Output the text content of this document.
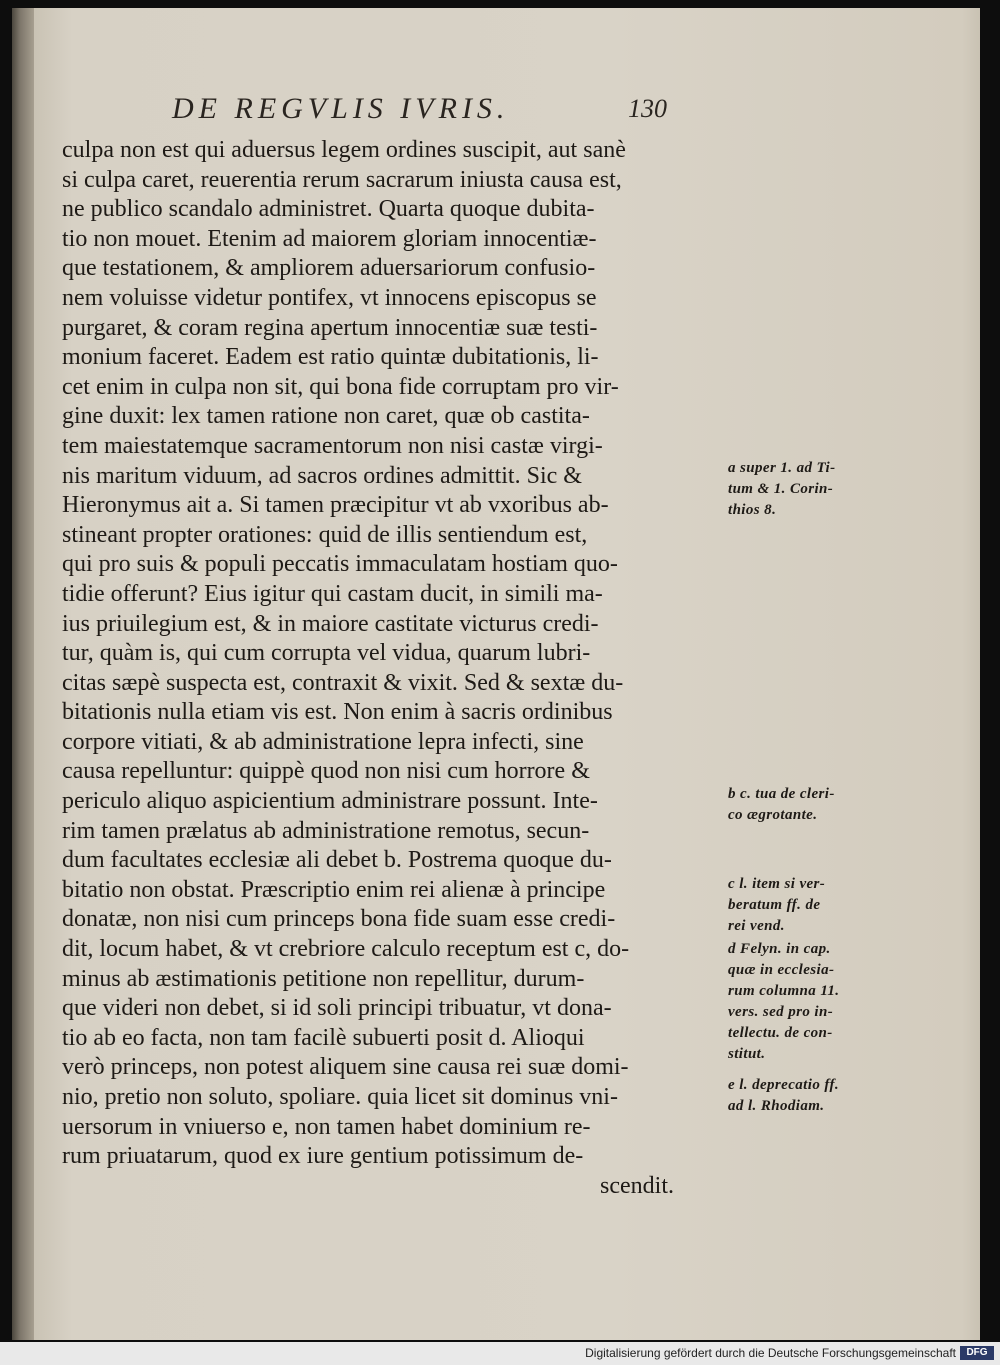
DE REGVLIS IVRIS.	130
culpa non est qui aduersus legem ordines suscipit, aut sanè
si culpa caret, reuerentia rerum sacrarum iniusta causa est,
ne publico scandalo administret. Quarta quoque dubita-
tio non mouet. Etenim ad maiorem gloriam innocentiæ-
que testationem, & ampliorem aduersariorum confusio-
nem voluisse videtur pontifex, vt innocens episcopus se
purgaret, & coram regina apertum innocentiæ suæ testi-
monium faceret. Eadem est ratio quintæ dubitationis, li-
cet enim in culpa non sit, qui bona fide corruptam pro vir-
gine duxit: lex tamen ratione non caret, quæ ob castita-
tem maiestatemque sacramentorum non nisi castæ virgi-
nis maritum viduum, ad sacros ordines admittit. Sic &
Hieronymus ait a. Si tamen præcipitur vt ab vxoribus ab-
stineant propter orationes: quid de illis sentiendum est,
qui pro suis & populi peccatis immaculatam hostiam quo-
tidie offerunt? Eius igitur qui castam ducit, in simili ma-
ius priuilegium est, & in maiore castitate victurus credi-
tur, quàm is, qui cum corrupta vel vidua, quarum lubri-
citas sæpè suspecta est, contraxit & vixit. Sed & sextæ du-
bitationis nulla etiam vis est. Non enim à sacris ordinibus
corpore vitiati, & ab administratione lepra infecti, sine
causa repelluntur: quippè quod non nisi cum horrore &
periculo aliquo aspicientium administrare possunt. Inte-
rim tamen prælatus ab administratione remotus, secun-
dum facultates ecclesiæ ali debet b. Postrema quoque du-
bitatio non obstat. Præscriptio enim rei alienæ à principe
donatæ, non nisi cum princeps bona fide suam esse credi-
dit, locum habet, & vt crebriore calculo receptum est c, do-
minus ab æstimationis petitione non repellitur, durum-
que videri non debet, si id soli principi tribuatur, vt dona-
tio ab eo facta, non tam facilè subuerti posit d. Alioqui
verò princeps, non potest aliquem sine causa rei suæ domi-
nio, pretio non soluto, spoliare. quia licet sit dominus vni-
uersorum in vniuerso e, non tamen habet dominium re-
rum priuatarum, quod ex iure gentium potissimum de-
scendit.
a super 1. ad Ti-
tum & 1. Corin-
thios 8.
b c. tua de cleri-
co ægrotante.
c l. item si ver-
beratum ff. de
rei vend.
d Felyn. in cap.
quæ in ecclesia-
rum columna 11.
vers. sed pro in-
tellectu. de con-
stitut.
e l. deprecatio ff.
ad l. Rhodiam.
Digitalisierung gefördert durch die Deutsche Forschungsgemeinschaft	DFG
